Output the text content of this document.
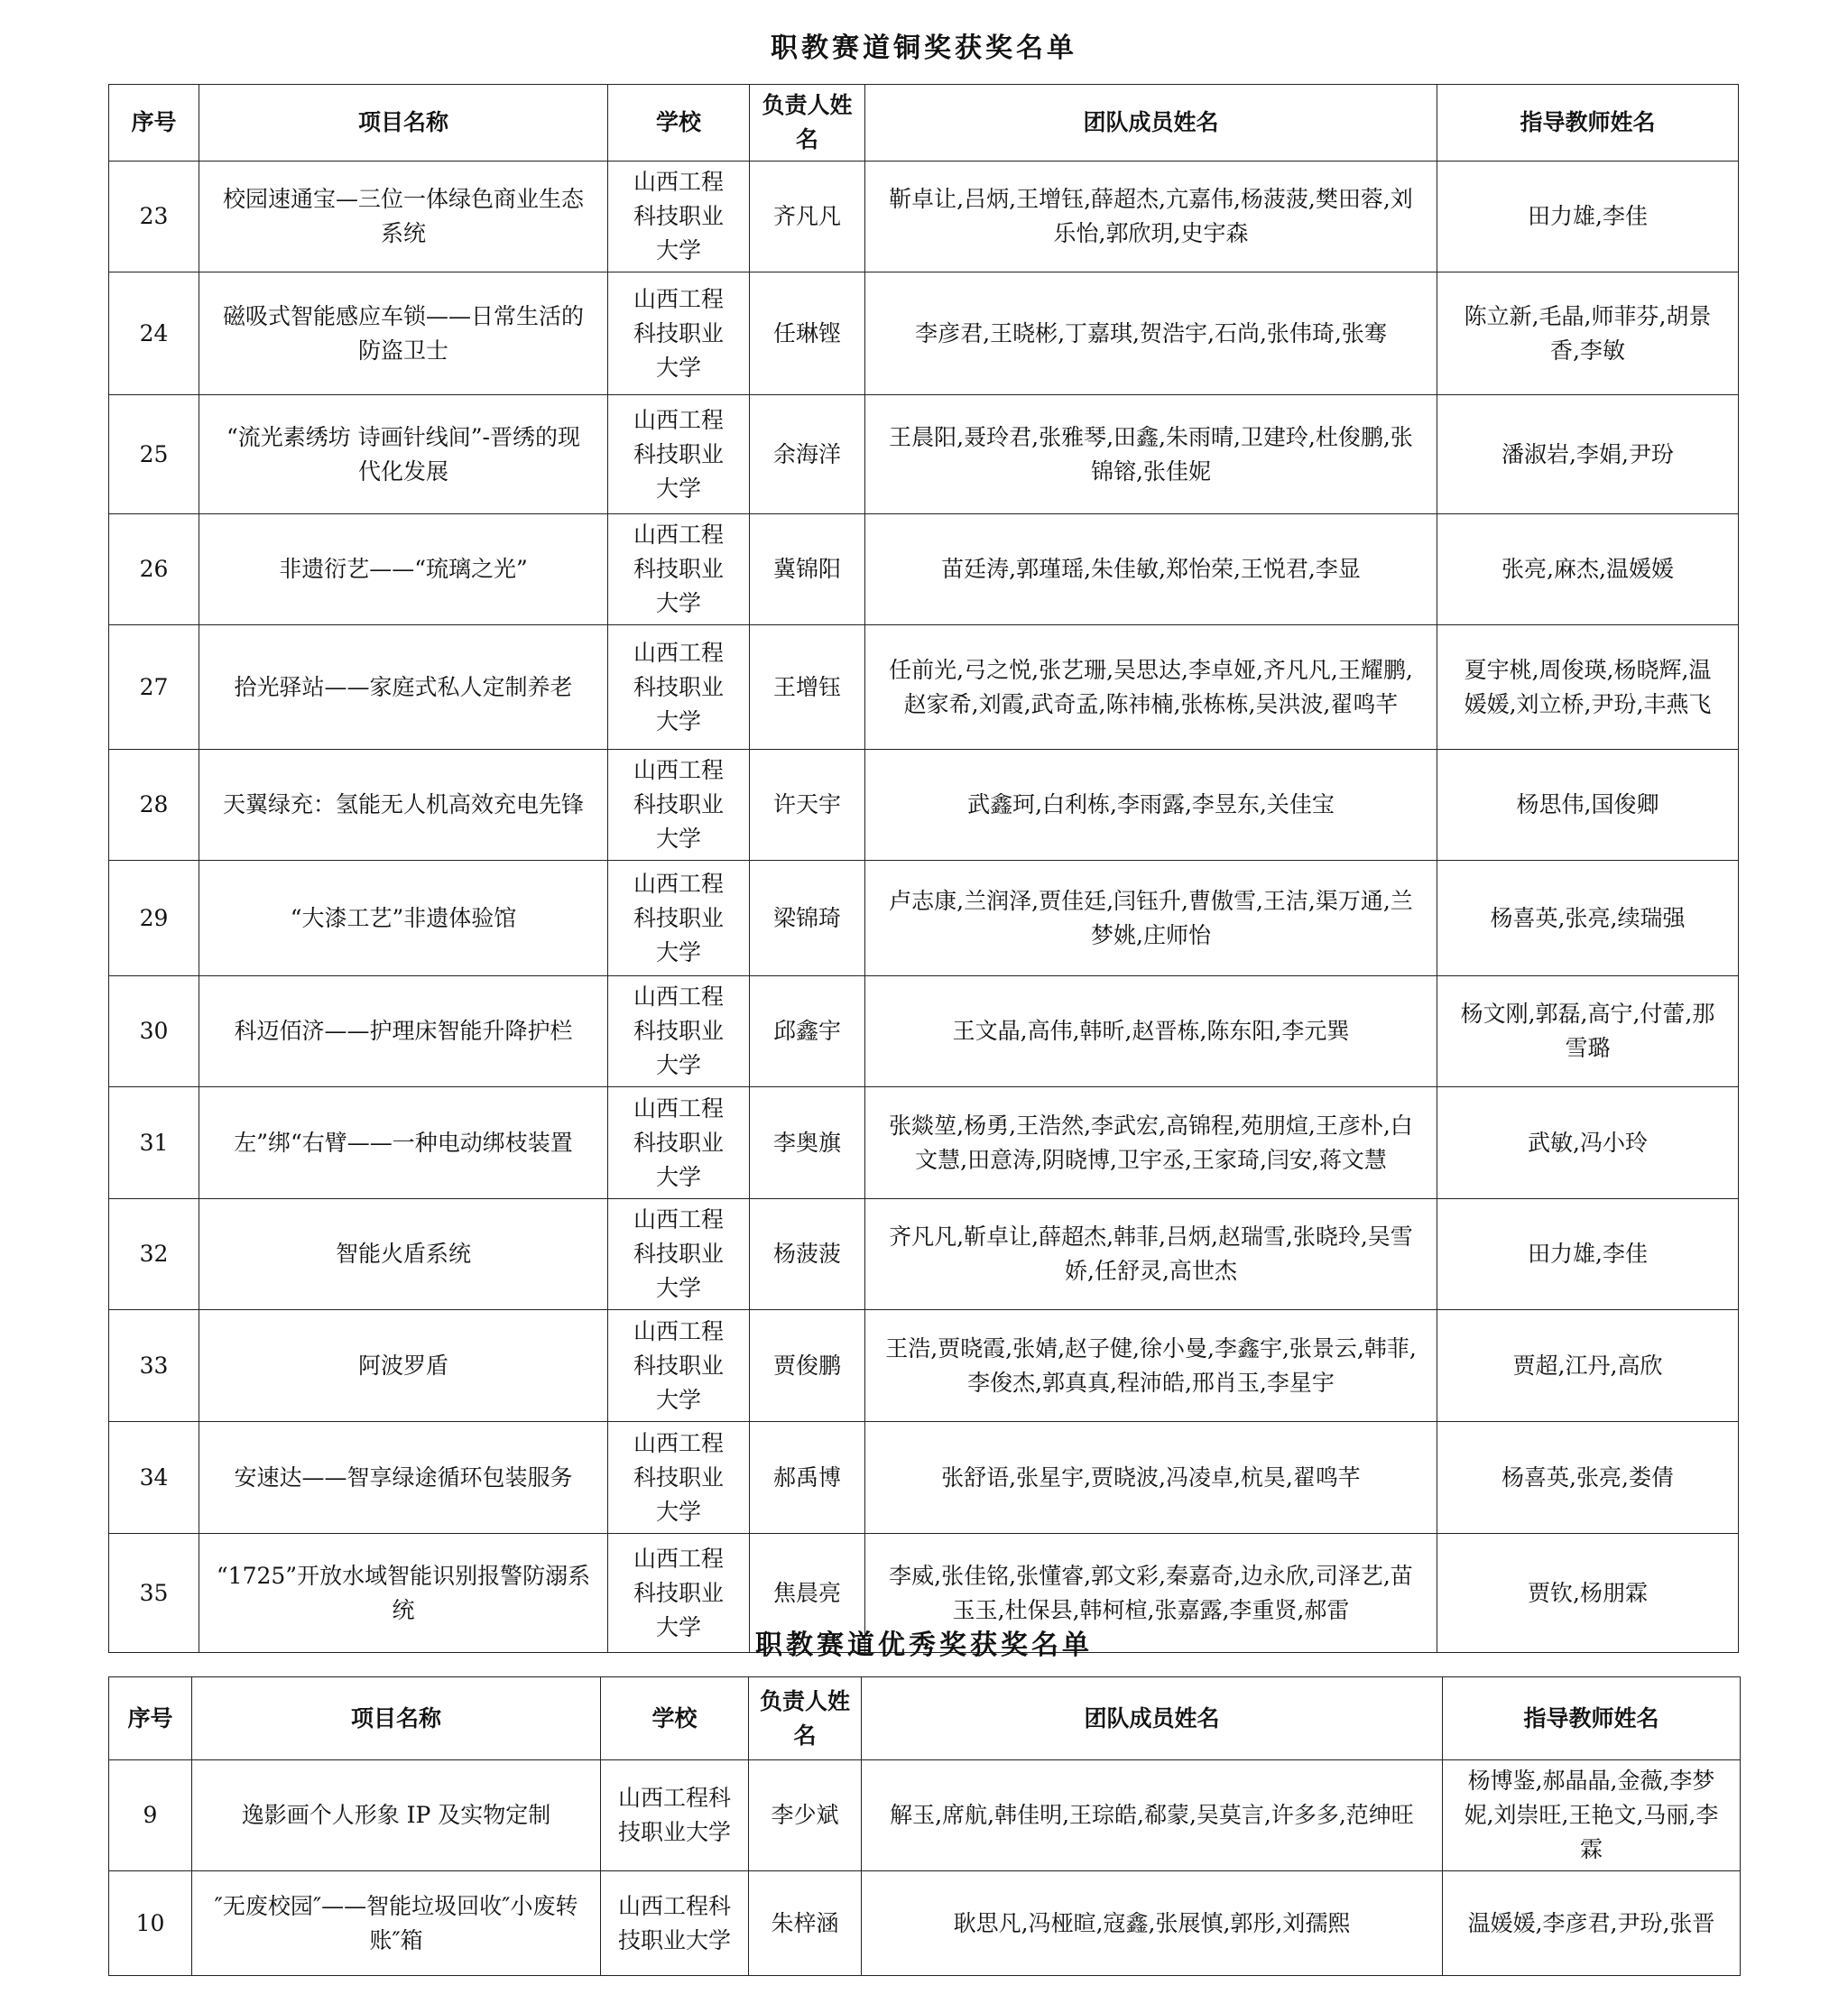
职教赛道铜奖获奖名单
序号	项目名称	学校	负责人姓名	团队成员姓名	指导教师姓名
23	校园速通宝—三位一体绿色商业生态系统	山西工程科技职业大学	齐凡凡	靳卓让,吕炳,王增钰,薛超杰,亢嘉伟,杨菠菠,樊田蓉,刘乐怡,郭欣玥,史宇森	田力雄,李佳
24	磁吸式智能感应车锁——日常生活的防盗卫士	山西工程科技职业大学	任琳铿	李彦君,王晓彬,丁嘉琪,贺浩宇,石尚,张伟琦,张骞	陈立新,毛晶,师菲芬,胡景香,李敏
25	“流光素绣坊 诗画针线间”-晋绣的现代化发展	山西工程科技职业大学	余海洋	王晨阳,聂玲君,张雅琴,田鑫,朱雨晴,卫建玲,杜俊鹏,张锦镕,张佳妮	潘淑岩,李娟,尹玢
26	非遗衍艺——“琉璃之光”	山西工程科技职业大学	冀锦阳	苗廷涛,郭瑾瑶,朱佳敏,郑怡荣,王悦君,李显	张亮,麻杰,温媛媛
27	拾光驿站——家庭式私人定制养老	山西工程科技职业大学	王增钰	任前光,弓之悦,张艺珊,吴思达,李卓娅,齐凡凡,王耀鹏,赵家希,刘霞,武奇孟,陈祎楠,张栋栋,吴洪波,翟鸣芊	夏宇桃,周俊瑛,杨晓辉,温媛媛,刘立桥,尹玢,丰燕飞
28	天翼绿充：氢能无人机高效充电先锋	山西工程科技职业大学	许天宇	武鑫珂,白利栋,李雨露,李昱东,关佳宝	杨思伟,国俊卿
29	“大漆工艺”非遗体验馆	山西工程科技职业大学	梁锦琦	卢志康,兰润泽,贾佳廷,闫钰升,曹傲雪,王洁,渠万通,兰梦姚,庄师怡	杨喜英,张亮,续瑞强
30	科迈佰济——护理床智能升降护栏	山西工程科技职业大学	邱鑫宇	王文晶,高伟,韩昕,赵晋栋,陈东阳,李元巽	杨文刚,郭磊,高宁,付蕾,那雪璐
31	左”绑“右臂——一种电动绑枝装置	山西工程科技职业大学	李奥旗	张燚堃,杨勇,王浩然,李武宏,高锦程,苑朋煊,王彦朴,白文慧,田意涛,阴晓博,卫宇丞,王家琦,闫安,蒋文慧	武敏,冯小玲
32	智能火盾系统	山西工程科技职业大学	杨菠菠	齐凡凡,靳卓让,薛超杰,韩菲,吕炳,赵瑞雪,张晓玲,吴雪娇,任舒灵,高世杰	田力雄,李佳
33	阿波罗盾	山西工程科技职业大学	贾俊鹏	王浩,贾晓霞,张婧,赵子健,徐小曼,李鑫宇,张景云,韩菲,李俊杰,郭真真,程沛皓,邢肖玉,李星宇	贾超,江丹,高欣
34	安速达——智享绿途循环包装服务	山西工程科技职业大学	郝禹博	张舒语,张星宇,贾晓波,冯凌卓,杭昊,翟鸣芊	杨喜英,张亮,娄倩
35	“1725”开放水域智能识别报警防溺系统	山西工程科技职业大学	焦晨亮	李威,张佳铭,张懂睿,郭文彩,秦嘉奇,边永欣,司泽艺,苗玉玉,杜保县,韩柯楦,张嘉露,李重贤,郝雷	贾钦,杨朋霖
职教赛道优秀奖获奖名单
序号	项目名称	学校	负责人姓名	团队成员姓名	指导教师姓名
9	逸影画个人形象 IP 及实物定制	山西工程科技职业大学	李少斌	解玉,席航,韩佳明,王琮皓,郗蒙,吴莫言,许多多,范绅旺	杨博鉴,郝晶晶,金薇,李梦妮,刘崇旺,王艳文,马丽,李霖
10	″无废校园″——智能垃圾回收″小废转账″箱	山西工程科技职业大学	朱梓涵	耿思凡,冯桠暄,寇鑫,张展慎,郭彤,刘孺熙	温媛媛,李彦君,尹玢,张晋
